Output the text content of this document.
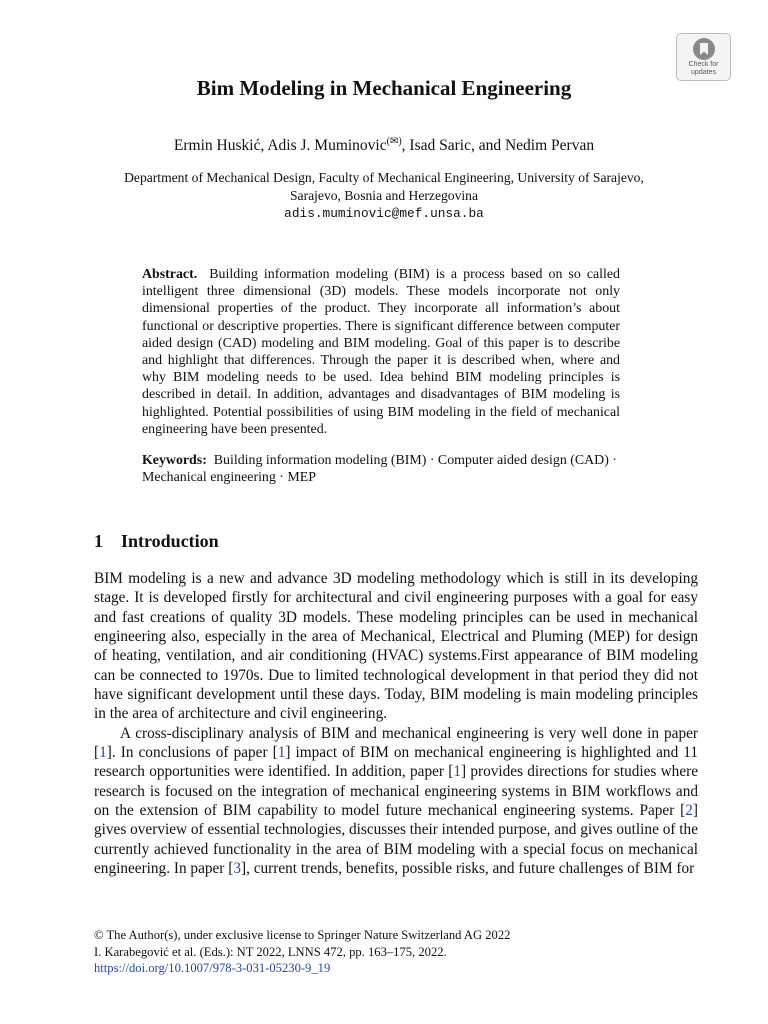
Check for
updates
Bim Modeling in Mechanical Engineering
Ermin Huskić, Adis J. Muminovic(✉), Isad Saric, and Nedim Pervan
Department of Mechanical Design, Faculty of Mechanical Engineering, University of Sarajevo,
Sarajevo, Bosnia and Herzegovina
adis.muminovic@mef.unsa.ba

Abstract. Building information modeling (BIM) is a process based on so called intelligent three dimensional (3D) models. These models incorporate not only dimensional properties of the product. They incorporate all information’s about functional or descriptive properties. There is significant difference between computer aided design (CAD) modeling and BIM modeling. Goal of this paper is to describe and highlight that differences. Through the paper it is described when, where and why BIM modeling needs to be used. Idea behind BIM modeling principles is described in detail. In addition, advantages and disadvantages of BIM modeling is highlighted. Potential possibilities of using BIM modeling in the field of mechanical engineering have been presented.

Keywords: Building information modeling (BIM) · Computer aided design (CAD) · Mechanical engineering · MEP

1 Introduction

BIM modeling is a new and advance 3D modeling methodology which is still in its developing stage. It is developed firstly for architectural and civil engineering purposes with a goal for easy and fast creations of quality 3D models. These modeling principles can be used in mechanical engineering also, especially in the area of Mechanical, Electrical and Pluming (MEP) for design of heating, ventilation, and air conditioning (HVAC) systems.First appearance of BIM modeling can be connected to 1970s. Due to limited technological development in that period they did not have significant development until these days. Today, BIM modeling is main modeling principles in the area of architecture and civil engineering.

A cross-disciplinary analysis of BIM and mechanical engineering is very well done in paper [1]. In conclusions of paper [1] impact of BIM on mechanical engineering is highlighted and 11 research opportunities were identified. In addition, paper [1] provides directions for studies where research is focused on the integration of mechanical engineering systems in BIM workflows and on the extension of BIM capability to model future mechanical engineering systems. Paper [2] gives overview of essential technologies, discusses their intended purpose, and gives outline of the currently achieved functionality in the area of BIM modeling with a special focus on mechanical engineering. In paper [3], current trends, benefits, possible risks, and future challenges of BIM for

© The Author(s), under exclusive license to Springer Nature Switzerland AG 2022
I. Karabegović et al. (Eds.): NT 2022, LNNS 472, pp. 163–175, 2022.
https://doi.org/10.1007/978-3-031-05230-9_19
